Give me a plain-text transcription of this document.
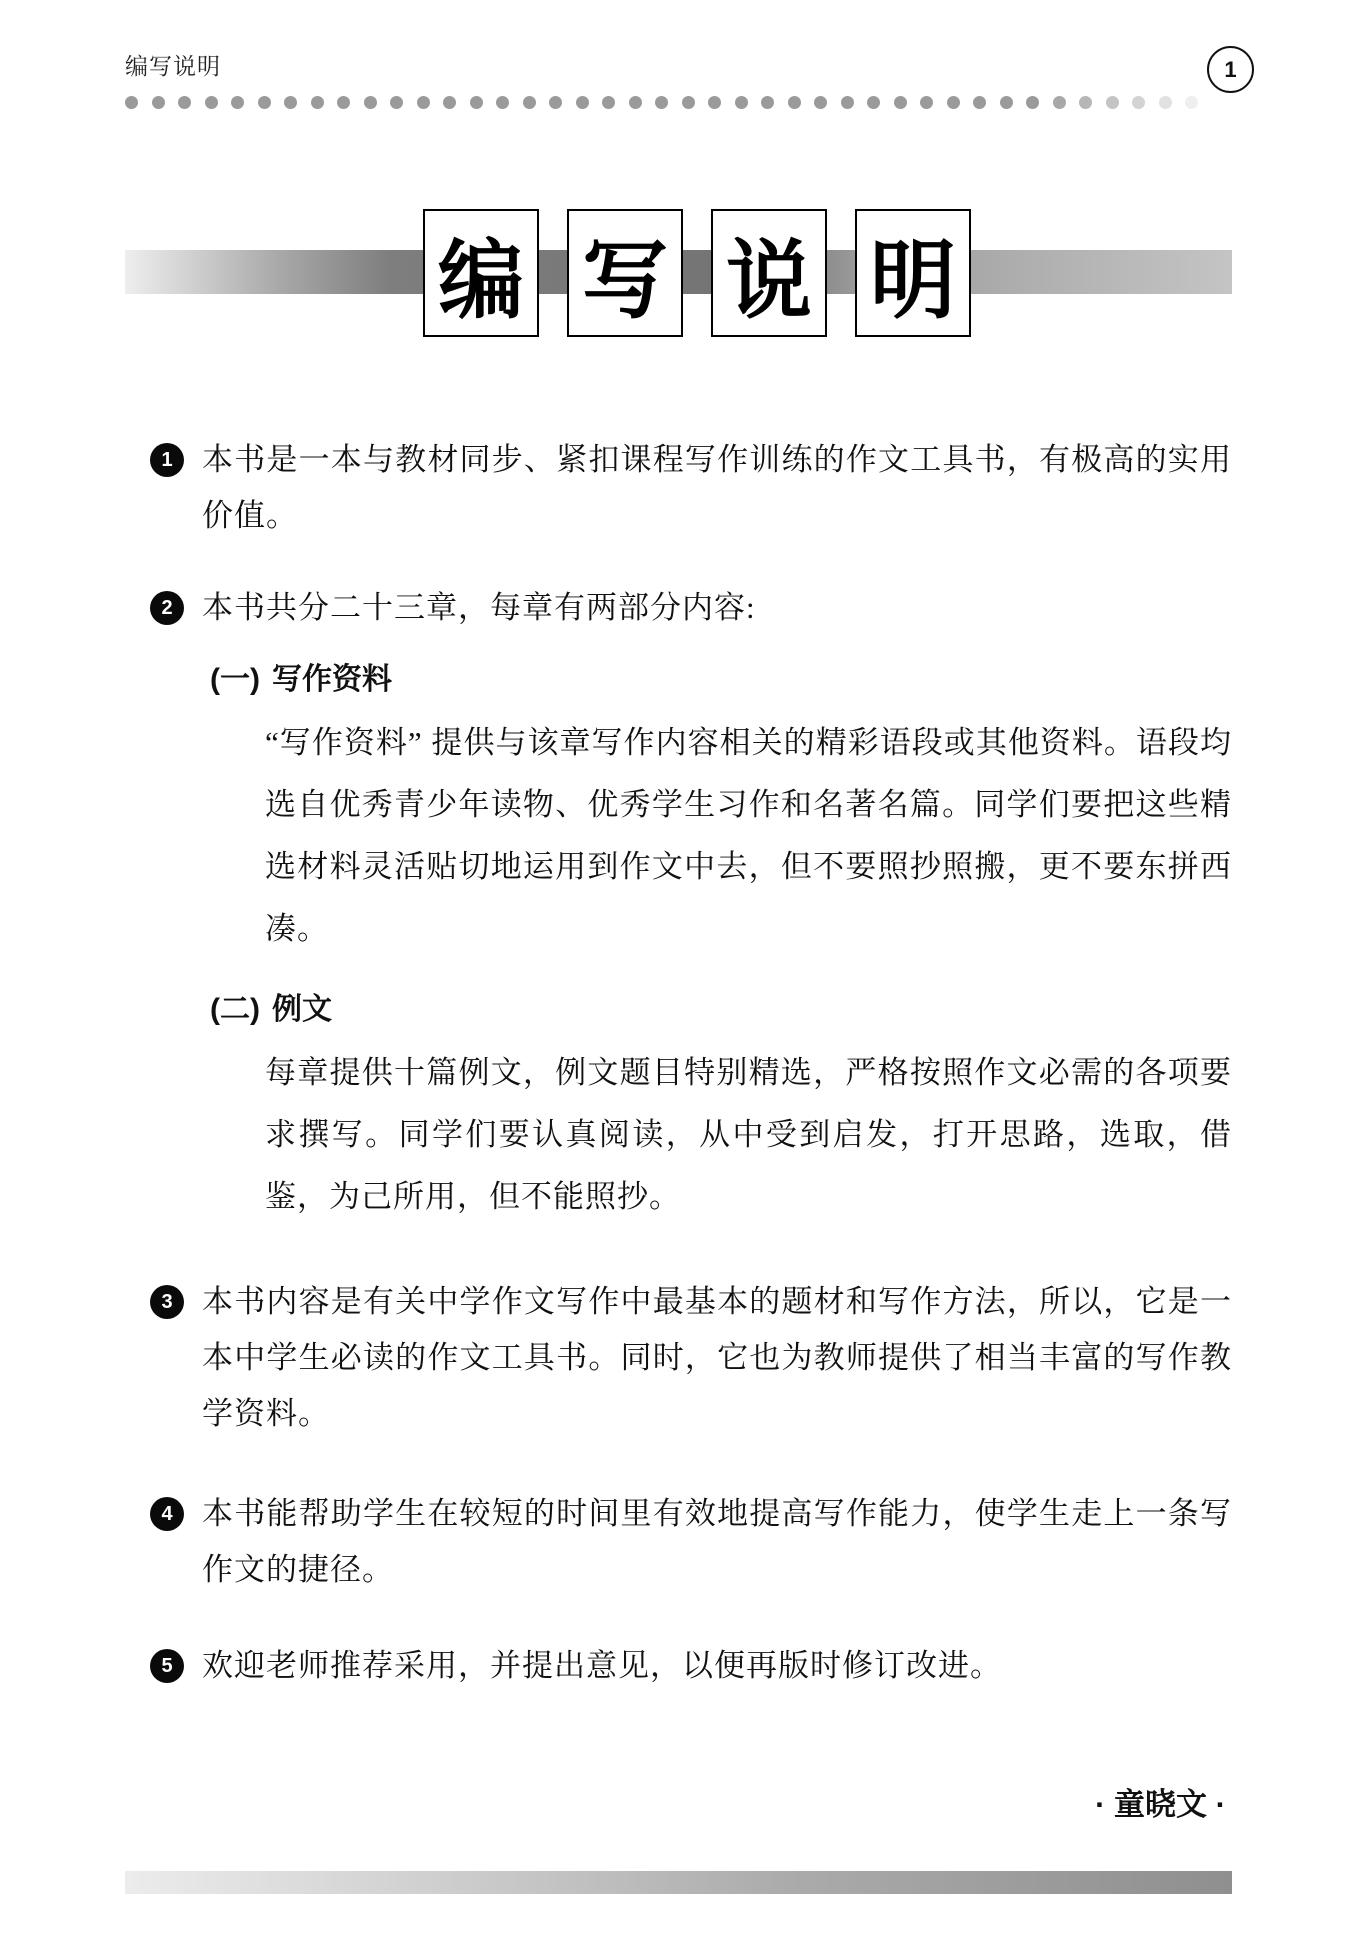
编写说明	1
编 写 说 明
1 本书是一本与教材同步、紧扣课程写作训练的作文工具书，有极高的实用价值。

2 本书共分二十三章，每章有两部分内容:

(一) 写作资料
“写作资料” 提供与该章写作内容相关的精彩语段或其他资料。语段均选自优秀青少年读物、优秀学生习作和名著名篇。同学们要把这些精选材料灵活贴切地运用到作文中去，但不要照抄照搬，更不要东拼西凑。
(二) 例文
每章提供十篇例文，例文题目特别精选，严格按照作文必需的各项要求撰写。同学们要认真阅读，从中受到启发，打开思路，选取，借鉴，为己所用，但不能照抄。
3 本书内容是有关中学作文写作中最基本的题材和写作方法，所以，它是一本中学生必读的作文工具书。同时，它也为教师提供了相当丰富的写作教学资料。

4 本书能帮助学生在较短的时间里有效地提高写作能力，使学生走上一条写作文的捷径。

5 欢迎老师推荐采用，并提出意见，以便再版时修订改进。

· 童晓文 ·
